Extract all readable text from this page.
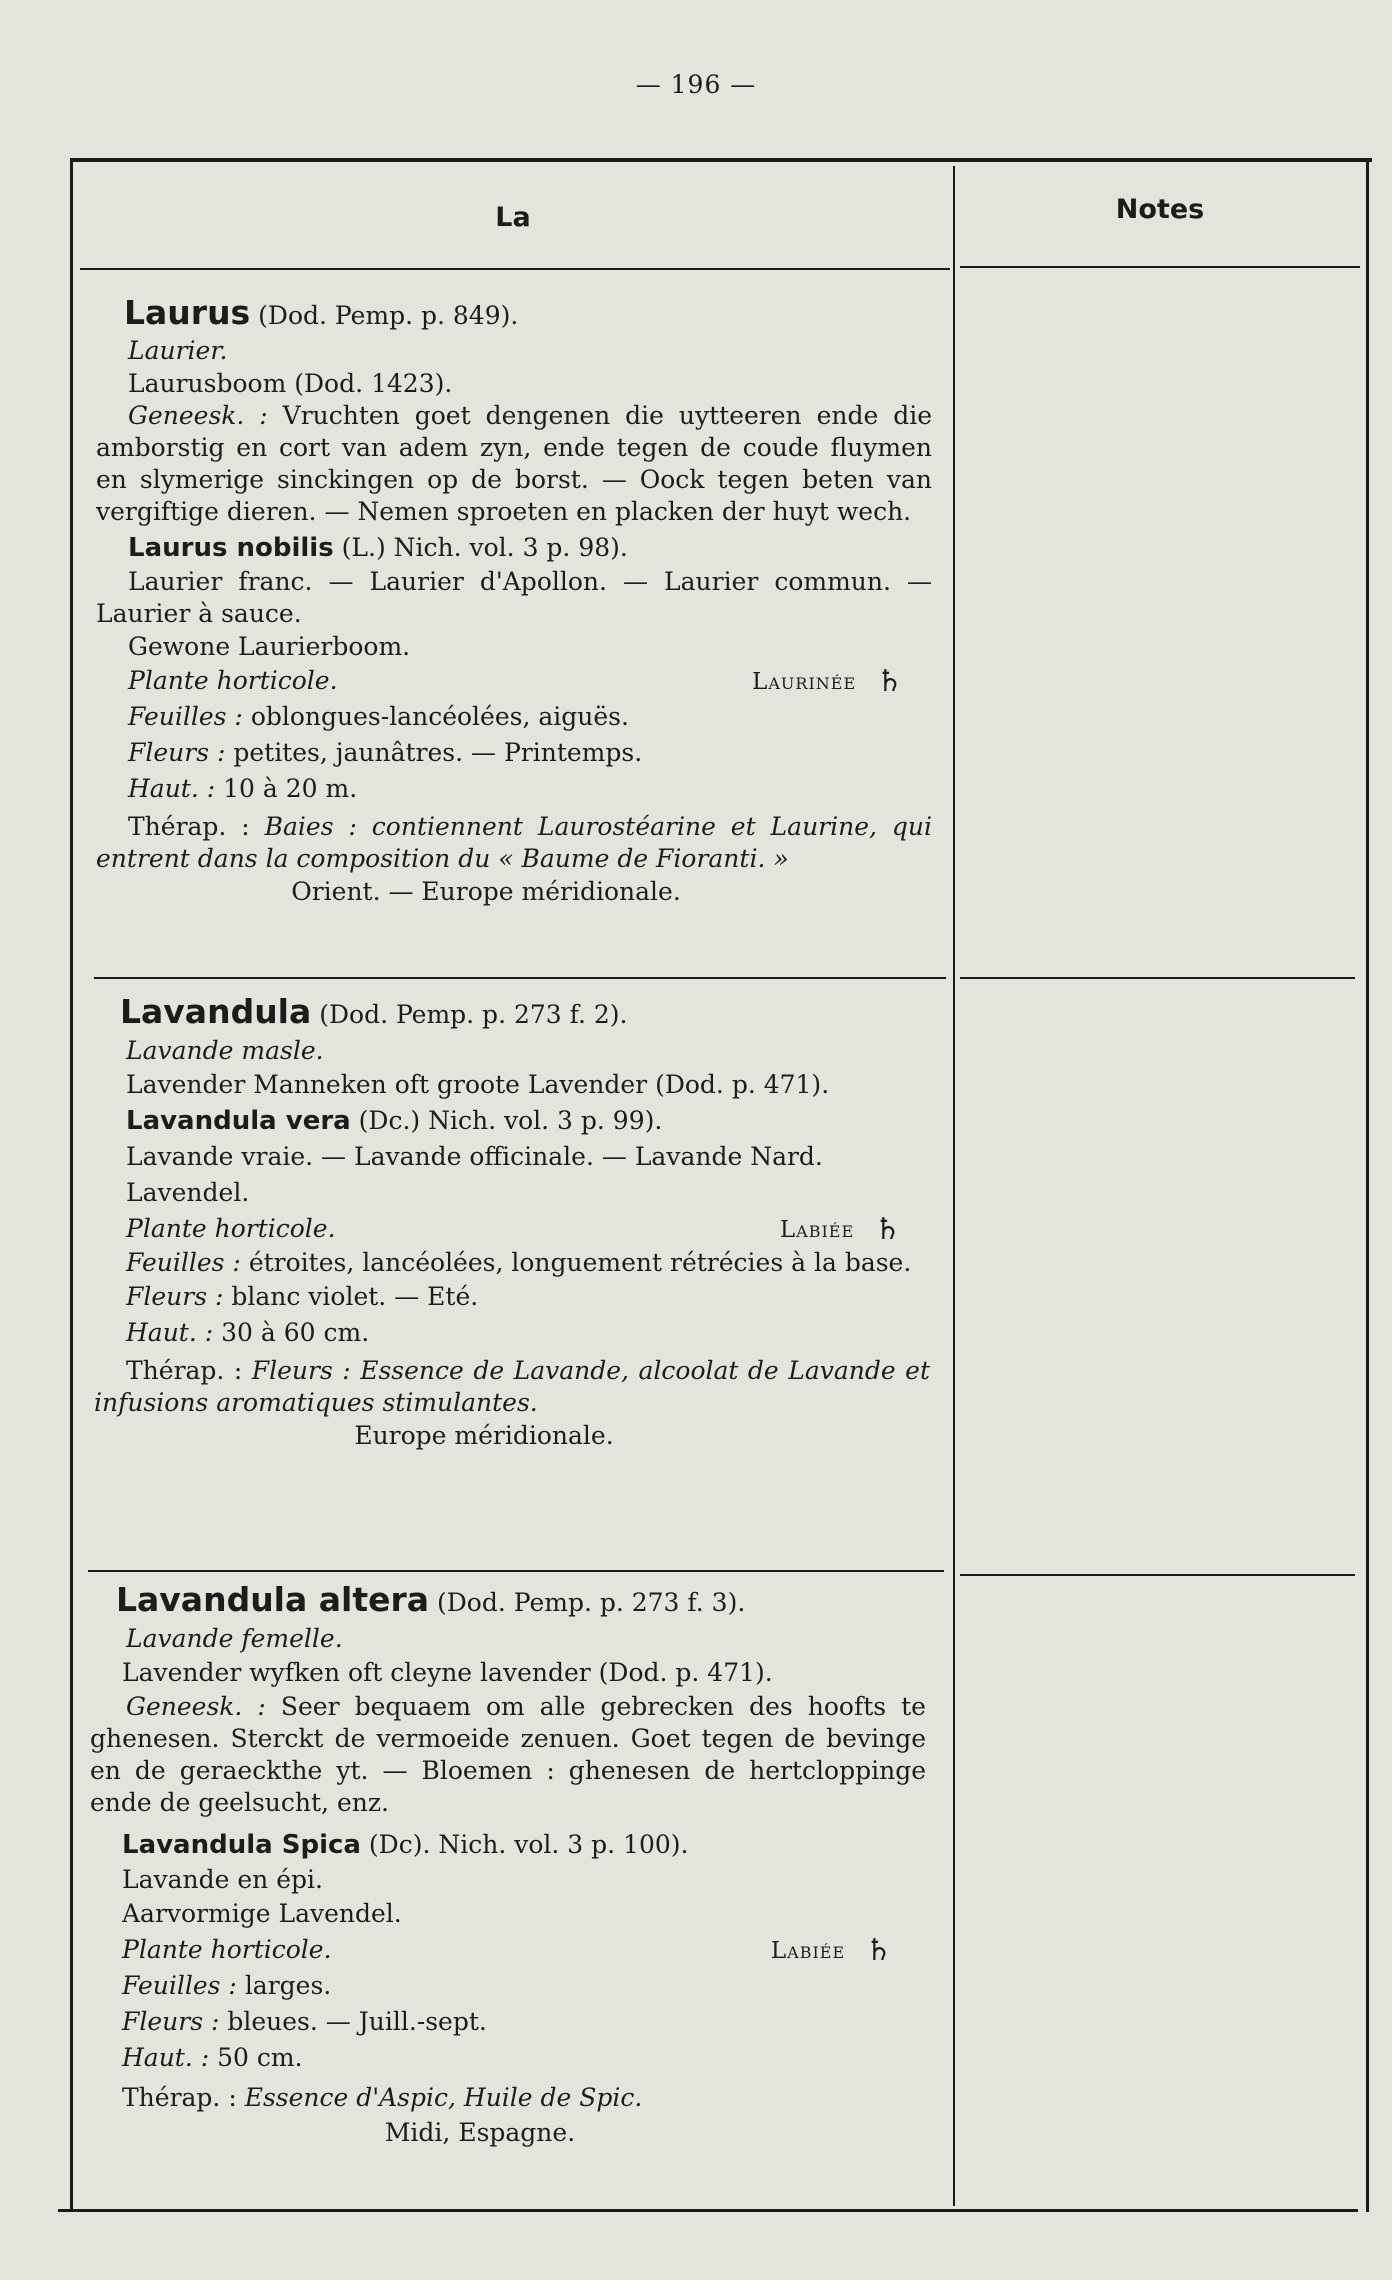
— 196 —
La	Notes
Laurus (Dod. Pemp. p. 849).
Laurier.
Laurusboom (Dod. 1423).
Geneesk. : Vruchten goet dengenen die uytteeren ende die amborstig en cort van adem zyn, ende tegen de coude fluymen en slymerige sinckingen op de borst. — Oock tegen beten van vergiftige dieren. — Nemen sproeten en placken der huyt wech.
Laurus nobilis (L.) Nich. vol. 3 p. 98).
Laurier franc. — Laurier d'Apollon. — Laurier commun. — Laurier à sauce.
Gewone Laurierboom.
Plante horticole.	Laurinée ♄
Feuilles : oblongues-lancéolées, aiguës.
Fleurs : petites, jaunâtres. — Printemps.
Haut. : 10 à 20 m.
Thérap. : Baies : contiennent Laurostéarine et Laurine, qui entrent dans la composition du « Baume de Fioranti. »
Orient. — Europe méridionale.
Lavandula (Dod. Pemp. p. 273 f. 2).
Lavande masle.
Lavender Manneken oft groote Lavender (Dod. p. 471).
Lavandula vera (Dc.) Nich. vol. 3 p. 99).
Lavande vraie. — Lavande officinale. — Lavande Nard.
Lavendel.
Plante horticole.	Labiée ♄
Feuilles : étroites, lancéolées, longuement rétrécies à la base.
Fleurs : blanc violet. — Eté.
Haut. : 30 à 60 cm.
Thérap. : Fleurs : Essence de Lavande, alcoolat de Lavande et infusions aromatiques stimulantes.
Europe méridionale.
Lavandula altera (Dod. Pemp. p. 273 f. 3).
Lavande femelle.
Lavender wyfken oft cleyne lavender (Dod. p. 471).
Geneesk. : Seer bequaem om alle gebrecken des hoofts te ghenesen. Sterckt de vermoeide zenuen. Goet tegen de bevinge en de geraeckthe yt. — Bloemen : ghenesen de hertcloppinge ende de geelsucht, enz.
Lavandula Spica (Dc). Nich. vol. 3 p. 100).
Lavande en épi.
Aarvormige Lavendel.
Plante horticole.	Labiée ♄
Feuilles : larges.
Fleurs : bleues. — Juill.-sept.
Haut. : 50 cm.
Thérap. : Essence d'Aspic, Huile de Spic.
Midi, Espagne.
